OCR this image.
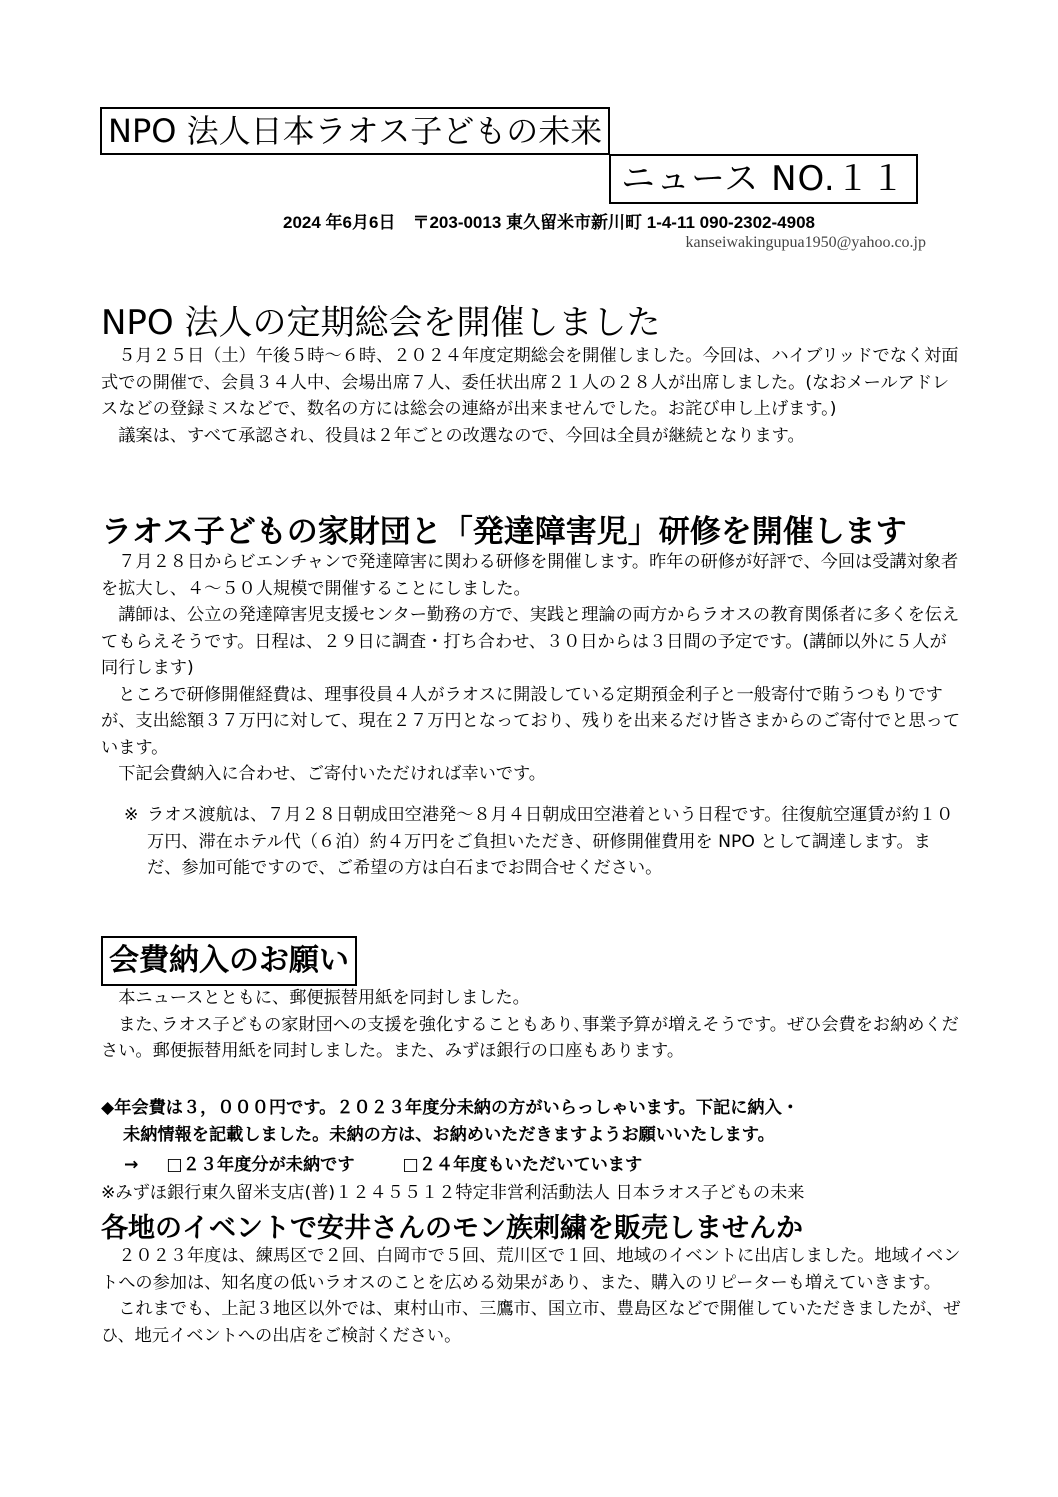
NPO 法人日本ラオス子どもの未来
ニュース NO.１１
2024 年6月6日　〒203-0013 東久留米市新川町 1-4-11 090-2302-4908
kanseiwakingupua1950@yahoo.co.jp
NPO 法人の定期総会を開催しました

５月２５日（土）午後５時〜６時、２０２４年度定期総会を開催しました。今回は、ハイブリッドでなく対面式での開催で、会員３４人中、会場出席７人、委任状出席２１人の２８人が出席しました。(なおメールアドレスなどの登録ミスなどで、数名の方には総会の連絡が出来ませんでした。お詫び申し上げます。)

議案は、すべて承認され、役員は２年ごとの改選なので、今回は全員が継続となります。

ラオス子どもの家財団と「発達障害児」研修を開催します

７月２８日からビエンチャンで発達障害に関わる研修を開催します。昨年の研修が好評で、今回は受講対象者を拡大し、４〜５０人規模で開催することにしました。

講師は、公立の発達障害児支援センター勤務の方で、実践と理論の両方からラオスの教育関係者に多くを伝えてもらえそうです。日程は、２９日に調査・打ち合わせ、３０日からは３日間の予定です。(講師以外に５人が同行します)

ところで研修開催経費は、理事役員４人がラオスに開設している定期預金利子と一般寄付で賄うつもりですが、支出総額３７万円に対して、現在２７万円となっており、残りを出来るだけ皆さまからのご寄付でと思っています。

下記会費納入に合わせ、ご寄付いただければ幸いです。

※ ラオス渡航は、７月２８日朝成田空港発〜８月４日朝成田空港着という日程です。往復航空運賃が約１０万円、滞在ホテル代（６泊）約４万円をご負担いただき、研修開催費用を NPO として調達します。まだ、参加可能ですので、ご希望の方は白石までお問合せください。
会費納入のお願い

本ニュースとともに、郵便振替用紙を同封しました。

また､ラオス子どもの家財団への支援を強化することもあり､事業予算が増えそうです。ぜひ会費をお納めください。郵便振替用紙を同封しました。また、みずほ銀行の口座もあります。

◆年会費は３，０００円です。２０２３年度分未納の方がいらっしゃいます。下記に納入・
未納情報を記載しました。未納の方は、お納めいただきますようお願いいたします。
→ □２３年度分が未納です	□２４年度もいただいています
※みずほ銀行東久留米支店(普)１２４５５１２特定非営利活動法人 日本ラオス子どもの未来
各地のイベントで安井さんのモン族刺繍を販売しませんか

２０２３年度は、練馬区で２回、白岡市で５回、荒川区で１回、地域のイベントに出店しました。地域イベントへの参加は、知名度の低いラオスのことを広める効果があり、また、購入のリピーターも増えていきます。

これまでも、上記３地区以外では、東村山市、三鷹市、国立市、豊島区などで開催していただきましたが、ぜひ、地元イベントへの出店をご検討ください。
